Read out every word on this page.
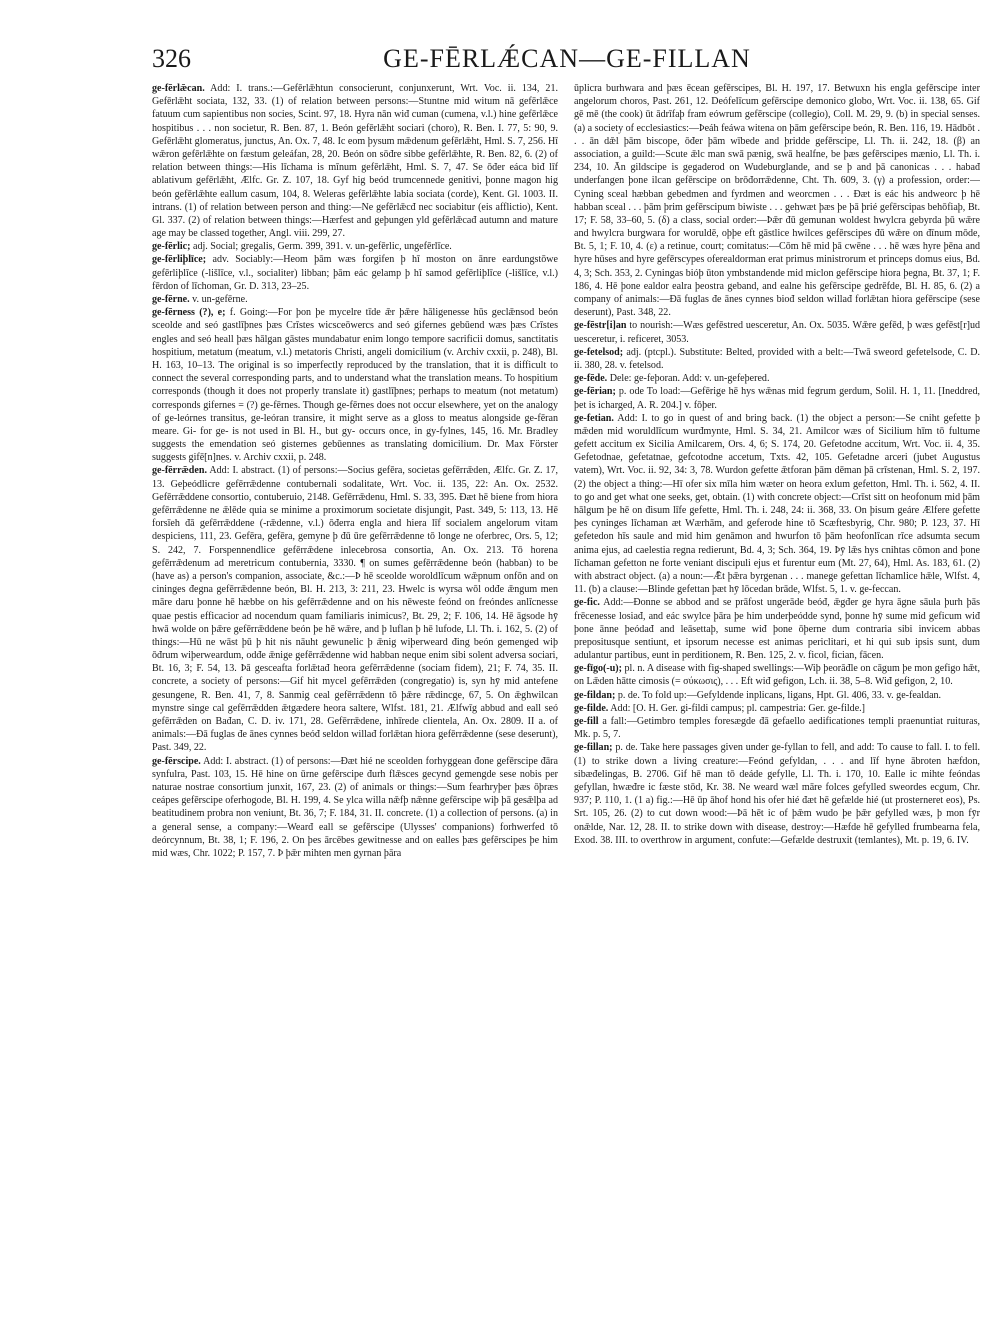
326	GE-FĒRLǼCAN—GE-FILLAN

ge-fērlǣcan. Add: I. trans.:—Gefērlǣhtun consocierunt, conjunxerunt, Wrt. Voc. ii. 134, 21. Gefērlǣht sociata, 132, 33. (1) of relation between persons:—Stuntne mid witum nā gefērlǣce fatuum cum sapientibus non socies, Scint. 97, 18. Hyra nān wiđ cuman (cumena, v.l.) hine gefērlǣce hospitibus . . . non societur, R. Ben. 87, 1. Beón gefērlǣht sociari (choro), R. Ben. I. 77, 5: 90, 9. Gefērlǣht glomeratus, junctus, An. Ox. 7, 48. Ic eom þysum mǣdenum gefērlǣht, Hml. S. 7, 256. Hī wǣron gefērlǣhte on fæstum geleáfan, 28, 20. Beón on sōđre sibbe gefērlǣhte, R. Ben. 82, 6. (2) of relation between things:—His līchama is mīnum gefērlǣht, Hml. S. 7, 47. Se ōđer eáca biđ līf ablativum gefērlǣht, Ælfc. Gr. Z. 107, 18. Gyf hig beód trumcennede genitivi, þonne magon hig beón gefērlǣhte eallum casum, 104, 8. Weleras gefērlǣhte labia sociata (corde), Kent. Gl. 1003. II. intrans. (1) of relation between person and thing:—Ne gefērlǣcđ nec sociabitur (eis afflictio), Kent. Gl. 337. (2) of relation between things:—Hærfest and geþungen yld gefērlǣcađ autumn and mature age may be classed together, Angl. viii. 299, 27.

ge-fērlic; adj. Social; gregalis, Germ. 399, 391. v. un-gefērlic, ungefērlīce.

ge-fērliþlīce; adv. Sociably:—Heom þām wæs forgifen þ hī moston on ānre eardungstōwe gefērliþlīce (-lišlīce, v.l., socialiter) libban; þām eác gelamp þ hī samod gefērliþlīce (-lišlīce, v.l.) fērdon of līchoman, Gr. D. 313, 23–25.

ge-fērne. v. un-gefērne.

ge-fērness (?), e; f. Going:—For þon þe mycelre tīde ǣr þǣre hāligenesse hūs geclǣnsod beón sceolde and seó gastlīþnes þæs Crīstes wicsceōwercs and seó gifernes gebūend wæs þæs Crīstes engles and seó heall þæs hālgan gāstes mundabatur enim longo tempore sacrificii domus, sanctitatis hospitium, metatum (meatum, v.l.) metatoris Christi, angeli domicilium (v. Archiv cxxii, p. 248), Bl. H. 163, 10–13. The original is so imperfectly reproduced by the translation, that it is difficult to connect the several corresponding parts, and to understand what the translation means. To hospitium corresponds (though it does not properly translate it) gastlīþnes; perhaps to meatum (not metatum) corresponds gifernes = (?) ge-fērnes. Though ge-fērnes does not occur elsewhere, yet on the analogy of ge-leórnes transitus, ge-leóran transire, it might serve as a gloss to meatus alongside ge-fēran meare. Gi- for ge- is not used in Bl. H., but gy- occurs once, in gy-fylnes, 145, 16. Mr. Bradley suggests the emendation seó gisternes gebūennes as translating domicilium. Dr. Max Förster suggests gifē[n]nes. v. Archiv cxxii, p. 248.

ge-fērrǣden. Add: I. abstract. (1) of persons:—Socius gefēra, societas gefērrǣden, Ælfc. Gr. Z. 17, 13. Geþeódlicre gefērrǣdenne contubernali sodalitate, Wrt. Voc. ii. 135, 22: An. Ox. 2532. Gefērrǣddene consortio, contuberuio, 2148. Gefērrǣdenu, Hml. S. 33, 395. Ðæt hē biene from hiora gefērrǣdenne ne ǣlēde quia se minime a proximorum societate disjungit, Past. 349, 5: 113, 13. Hē forsīeh đā gefērrǣddene (-rǣdenne, v.l.) ōđerra engla and hiera līf socialem angelorum vitam despiciens, 111, 23. Gefēra, gefēra, gemyne þ đū ūre gefērrǣdenne tō longe ne oferbrec, Ors. 5, 12; S. 242, 7. Forspennendlice gefērrǣdene inlecebrosa consortia, An. Ox. 213. Tō horena gefērrǣdenum ad meretricum contubernia, 3330. ¶ on sumes gefērrǣdenne beón (habban) to be (have as) a person's companion, associate, &c.:—Þ hē sceolde woroldlīcum wǣpnum onfōn and on cininges đegna gefērrǣdenne beón, Bl. H. 213, 3: 211, 23. Hwelc is wyrsa wōl odđe ǣngum men māre daru þonne hē hæbbe on his gefērrǣdenne and on his nēweste feónd on freóndes anlīcnesse quae pestis efficacior ad nocendum quam familiaris inimicus?, Bt. 29, 2; F. 106, 14. Hē āgsode hȳ hwā wolde on þǣre gefērrǣddene beón þe hē wǣre, and þ luflan þ hē lufode, Ll. Th. i. 162, 5. (2) of things:—Hū ne wāst þū þ hit nis nāuht gewunelic þ ǣnig wiþerweard đing beón gemenged wiþ ōđrum wiþerweardum, odđe ǣnige gefērrǣdenne wid habban neque enim sibi solent adversa sociari, Bt. 16, 3; F. 54, 13. Þā gesceafta forlǣtađ heora gefērrǣdenne (sociam fidem), 21; F. 74, 35. II. concrete, a society of persons:—Gif hit mycel gefērrǣden (congregatio) is, syn hȳ mid antefene gesungene, R. Ben. 41, 7, 8. Sanmig ceal gefērrǣdenn tō þǣre rǣdincge, 67, 5. On ǣghwilcan mynstre singe cal gefērrǣdden ǣtgædere heora saltere, Wlfst. 181, 21. Ælfwīg abbud and eall seó gefērrǣden on Bađan, C. D. iv. 171, 28. Gefērrǣdene, inhīrede clientela, An. Ox. 2809. II a. of animals:—Đā fuglas đe ānes cynnes beóđ seldon willađ forlǣtan hiora gefērrǣdenne (sese deserunt), Past. 349, 22.

ge-fērscipe. Add: I. abstract. (1) of persons:—Ðæt hié ne sceolden forhyggean đone gefērscipe đāra synfulra, Past. 103, 15. Hē hine on ūrne gefērscipe đurh flǣsces gecynd gemengde sese nobis per naturae nostrae consortium junxit, 167, 23. (2) of animals or things:—Sum fearhryþer þæs ōþræs ceápes gefērscipe oferhogode, Bl. H. 199, 4. Se ylca willa nǣfþ nǣnne gefērscipe wiþ þā gesǣlþa ad beatitudinem probra non veniunt, Bt. 36, 7; F. 184, 31. II. concrete. (1) a collection of persons. (a) in a general sense, a company:—Wearđ eall se gefērscipe (Ulysses' companions) forhwerfed tō deórcynnum, Bt. 38, 1; F. 196, 2. On þes ārcēbes gewitnesse and on ealles þæs gefērscipes þe him mid wæs, Chr. 1022; P. 157, 7. Þ þǣr mihten men gyrnan þāra

ūplicra burhwara and þæs ēcean gefērscipes, Bl. H. 197, 17. Betwuxn his engla gefērscipe inter angelorum choros, Past. 261, 12. Deófelīcum gefērscipe demonico globo, Wrt. Voc. ii. 138, 65. Gif gē mē (the cook) ūt ādrīfaþ fram eówrum gefērscipe (collegio), Coll. M. 29, 9. (b) in special senses. (a) a society of ecclesiastics:—Þeáh feáwa witena on þām gefērscipe beón, R. Ben. 116, 19. Hādbōt . . . ān dǣl þām biscope, ōđer þām wībede and þridde gefērscipe, Ll. Th. ii. 242, 18. (β) an association, a guild:—Scute ǣlc man swā pænig, swā healfne, be þæs gefērscipes mænio, Ll. Th. i. 234, 10. Ān gildscipe is gegaderod on Wudeburglande, and se þ and þā canonicas . . . habađ underfangen þone ilcan gefērscipe on brōđorrǣdenne, Cht. Th. 609, 3. (γ) a profession, order:—Cyning sceal hæbban gebedmen and fyrdmen and weorcmen . . . Ðæt is eác his andweorc þ hē habban sceal . . . þām þrim gefērscipum biwiste . . . gehwæt þæs þe þā þrié gefērscipas behōfiaþ, Bt. 17; F. 58, 33–60, 5. (δ) a class, social order:—Þǣr đū gemunan woldest hwylcra gebyrda þū wǣre and hwylcra burgwara for woruldē, oþþe eft gāstlice hwilces gefērscipes đū wǣre on đīnum mōde, Bt. 5, 1; F. 10, 4. (ε) a retinue, court; comitatus:—Cōm hē mid þā cwēne . . . hē wæs hyre þēna and hyre hūses and hyre gefērscypes oferealdorman erat primus ministrorum et princeps domus eius, Bd. 4, 3; Sch. 353, 2. Cyningas bióþ ūton ymbstandende mid miclon gefērscipe hiora þegna, Bt. 37, 1; F. 186, 4. Hē þone ealdor ealra þeostra geband, and ealne his gefērscipe gedrēfde, Bl. H. 85, 6. (2) a company of animals:—Đā fuglas đe ānes cynnes biođ seldon willađ forlǣtan hiora gefērscipe (sese deserunt), Past. 348, 22.

ge-fēstr[i]an to nourish:—Wæs gefēstred uesceretur, An. Ox. 5035. Wǣre gefēd, þ wæs gefēst[r]ud uesceretur, i. reficeret, 3053.

ge-fetelsod; adj. (ptcpl.). Substitute: Belted, provided with a belt:—Twā sweord gefetelsode, C. D. ii. 380, 28. v. fetelsod.

ge-fēde. Dele: ge-feþoran. Add: v. un-gefeþered.

ge-fērian; p. ode To load:—Gefērige hē hys wǣnas mid fegrum gerdum, Solil. H. 1, 11. [Ineddred, þet is icharged, A. R. 204.] v. fōþer.

ge-fetian. Add: I. to go in quest of and bring back. (1) the object a person:—Se cniht gefette þ mǣden mid woruldlīcum wurđmynte, Hml. S. 34, 21. Amilcor wæs of Sicilium hīm tō fultume gefett accitum ex Sicilia Amilcarem, Ors. 4, 6; S. 174, 20. Gefetodne accitum, Wrt. Voc. ii. 4, 35. Gefetodnae, gefetatnae, gefcotodne accetum, Txts. 42, 105. Gefetadne arceri (jubet Augustus vatem), Wrt. Voc. ii. 92, 34: 3, 78. Wurdon gefette ǣtforan þām dēman þā crīstenan, Hml. S. 2, 197. (2) the object a thing:—Hī ofer six mīla him wæter on heora exlum gefetton, Hml. Th. i. 562, 4. II. to go and get what one seeks, get, obtain. (1) with concrete object:—Crīst sitt on heofonum mid þām hālgum þe hē on đisum līfe gefette, Hml. Th. i. 248, 24: ii. 368, 33. On þisum geáre Ælfere gefette þes cyninges līchaman æt Wærhām, and geferode hine tō Scæftesbyrig, Chr. 980; P. 123, 37. Hī gefetedon hīs saule and mid him genāmon and hwurfon tō þām heofonlīcan rīce adsumta secum anima ejus, ad caelestia regna redierunt, Bd. 4, 3; Sch. 364, 19. Þȳ lǣs hys cnihtas cōmon and þone līchaman gefetton ne forte veniant discipuli ejus et furentur eum (Mt. 27, 64), Hml. As. 183, 61. (2) with abstract object. (a) a noun:—Ǣt þǣra byrgenan . . . manege gefettan līchamlice hǣle, Wlfst. 4, 11. (b) a clause:—Blinde gefettan þæt hȳ lōcedan brāde, Wlfst. 5, 1. v. ge-feccan.

ge-fic. Add:—Ðonne se abbod and se prāfost ungerāde beóđ, ǣgđer ge hyra āgne sāula þurh þās frēcenesse losiađ, and eác swylce þāra þe him underþeódde synd, þonne hȳ sume mid geficum wiđ þone ānne þeódađ and leāsettaþ, sume wiđ þone ōþerne dum contraria sibi invicem abbas prepositusque sentiunt, et ipsorum necesse est animas periclitari, et hi qui sub ipsis sunt, dum adulantur partibus, eunt in perditionem, R. Ben. 125, 2. v. ficol, fician, fācen.

ge-fīgo(-u); pl. n. A disease with fig-shaped swellings:—Wiþ þeorāđle on cāgum þe mon gefigo hǣt, on Lǣden hātte cimosis (= σύκωσις), . . . Eft wiđ gefigon, Lch. ii. 38, 5–8. Wiđ gefigon, 2, 10.

ge-fildan; p. de. To fold up:—Gefyldende inplicans, ligans, Hpt. Gl. 406, 33. v. ge-fealdan.

ge-filde. Add: [O. H. Ger. gi-fildi campus; pl. campestria: Ger. ge-filde.]

ge-fill a fall:—Getimbro temples foresægde đā gefaello aedificationes templi praenuntiat ruituras, Mk. p. 5, 7.

ge-fillan; p. de. Take here passages given under ge-fyllan to fell, and add: To cause to fall. I. to fell. (1) to strike down a living creature:—Feónd gefyldan, . . . and līf hyne ābroten hæfdon, sibæđelingas, B. 2706. Gif hē man tō deáde gefylle, Ll. Th. i. 170, 10. Ealle ic mihte feóndas gefyllan, hwæđre ic fæste stōd, Kr. 38. Ne weard wæl māre folces gefylled sweordes ecgum, Chr. 937; P. 110, 1. (1 a) fig.:—Hē ūp āhof hond his ofer hié đæt hē gefælde hié (ut prosterneret eos), Ps. Srt. 105, 26. (2) to cut down wood:—Þā hēt ic of þǣm wudo þe þǣr gefylled wæs, þ mon fȳr onǣlde, Nar. 12, 28. II. to strike down with disease, destroy:—Hæfde hē gefylled frumbearna fela, Exod. 38. III. to overthrow in argument, confute:—Gefælde destruxit (temlantes), Mt. p. 19, 6. IV.
